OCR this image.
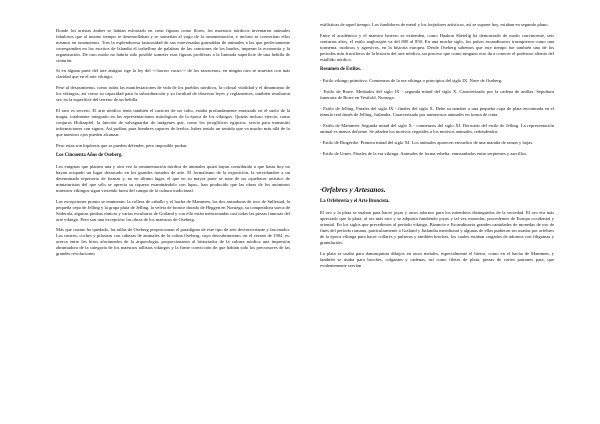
Donde los artistas árabes se habían esforzado en crear figuras como flores, los maestros nórdicos inventaron animales fabulosos que al mismo tiempo se desenrollaban y se sometían al yugo de la ornamentación, e incluso se convertían ellos mismos en ornamentos. Tras la esplendorosa fastuosidad de sus enrevesadas guirnaldas de animales a las que perfectamente corresponden en los escritos de Islandia el torbellino de palabras de las canciones de los bardos, imperan la economía y la organización. De otro modo no habría sido posible someter esas figuras prolíferas a la limitada superficie de una hebilla de cinturón.

Si en alguna parte del arte antiguo rige la ley del <<horror vacui>> de los sarracenos, en ningún otro se muestra con más claridad que en el arte vikingo.

Pese al desasimiento, como todas las manifestaciones de vida de los pueblos nórdicos, la colosal vitalidad y el dinamismo de los vikingos, así como su capacidad para la subordinación y su facultad de observar leyes y reglamentos, también resultaron ser, en la superficie del terreno de un hebilla.

El raro es secreto. El arte nórdico tenía también el carácter de un culto, estaba profundamente enraizado en el suelo de la magia, totalmente integrado en las representaciones mitológicas de la época de los vikingos. Quizás incluso ejercía, como conjuros Holtzapfel, la función de salvaguardar de imágenes que, como los jeroglíficos egipcios, servía para transmitir informaciones con signos. Así podían, para hombres capaces de leerlos, haber tenido un sentido que va mucho más allá de lo que nuestros ojos pueden alcanzar.

Pero estas son hipótesis que se pueden defender, pero imposible probar.

Los Cincuenta Años de Oseberg.

Los enigmas que plantea una y otra vez la ornamentación nórdica de animales quizá hayan contribuido a que hasta hoy no hayan ocupado un lugar destacado en los grandes tratados de arte. El formalismo de la exposición, la servidumbre a un determinado repertorio de formas y, no en último lugar, el que en su mayor parte se trate de un «quehacer artístico de miniaturistas del que sólo se aprecia su riqueza examinándolo con lupa», han producido que las obras de los anónimos maestros vikingos sigan viviendo fuera del campo de la cultura tradicional.

Las excepciones pronto se enumeran: la collera de caballo y el hacha de Mammen, las dos armaduras de toro de Søllestad, la pequeña cepa de Jelling y la grapa plata de Jelling, la veleta de bronce dorado de Heggen en Noruega, su competidora sueca de Söderala, algunas piedras rúnicas y varias esculturas de Gotland y con ello están mencionadas casi todas las piezas famosas del arte vikingo. Pero son una excepción: las obras de los maestros de Oseberg.

Más que cuanto ha quedado, las tallas de Oseberg proporcionan el paradigma de este tipo de arte desconcertante y fascinador. Los trineos, coches y pilastras con cabezas de animales de la colina Oseberg, cuyo descubrimiento, en el verano de 1904, es, acerca entre los hitos afortunados de la arqueología, proporcionaron al historiador de la cultura nórdica una impresión abrumadora de la categoría de los maestros tallistas vikingos y la firme convicción de que habían sido los precursores de las grandes revoluciones

estilísticas de aquel tiempo. Los fundidores de metal y los forjadores artísticos, así se supone hoy, estaban en segundo plano.

Entre el académico y el maestro herrero se extienden, como Haakon Shetelig ha demostrado de modo convincente, seis centurias altos, el estilo anglosajón va del 800 al 850. En una mucha siglo, los países escandinavos irrumpieron como una tormenta, ruidosos y agresivos, en la historia europea. Desde Oseberg sabemos que este tiempo fue también uno de los periodos más fructíferos de la historia del arte nórdico, un proceso que como ninguno otro da a conocer el poderoso aliento del estallido nórdico.

Resumen de Estilos.

- Estilo vikingo primitivo. Comienzos de la era vikinga o principios del siglo IX. Nave de Oseberg.

- Estilo de Borre. Mediados del siglo IX - segunda mitad del siglo X. Caracterizado por la cadena de anillas. Sepultura funeraria de Borre en Vestfold, Noruega.

- Estilo de Jelling. Finales del siglo IX - finales del siglo X. Debe su nombre a una pequeña copa de plata encontrada en el túmulo real danés de Jelling, Jutlandia. Caracterizado por numerosos animales en forma de cinta.

- Estilo de Mammen. Segunda mitad del siglo X - comienzos del siglo XI. Derivado del estilo de Jelling. La representación animal es menos deforme. Se añaden los motivos vegetales a los motivos animales, redondeados.

- Estilo de Ringerike. Primera mitad del siglo XI. Los animales aparecen envueltos de una maraña de ramas y hojas.

- Estilo de Urnes. Finales de la era vikinga. Animales de forma esbelta, enmarañados entre serpientes y zarcillos.

·Orfebres y Artesanos.
La Orfebrería y el Arte Broncista.

El oro y la plata se usaban para hacer joyas y otros adornos para los miembros distinguidos de la sociedad. El oro era más apreciado que la plata, al ser más raro y se adquiría fundiendo joyas y tal vez monedas, procedentes de Europa occidental y oriental. En los siglos que precedieron al período vikingo, Bizancio e Escandinavia grandes cantidades de monedas de oro de fines del período romano, particularmente a Gotland y Jutlandia meridional y algunas de ellas pudieron ser usadas por orfebres de la época vikinga para hacer collares y pulseras y también broches, los cuales estaban cargados de adornos con filigranas y granulación.

La plata se usaba para damasquinar dibujos en otros metales, especialmente el hierro, como en el hacha de Mammen, y también se usaba para broches, colgantes y cadenas, así como filetes de plata, piezas de varios patrones para, que evidentemente servían
